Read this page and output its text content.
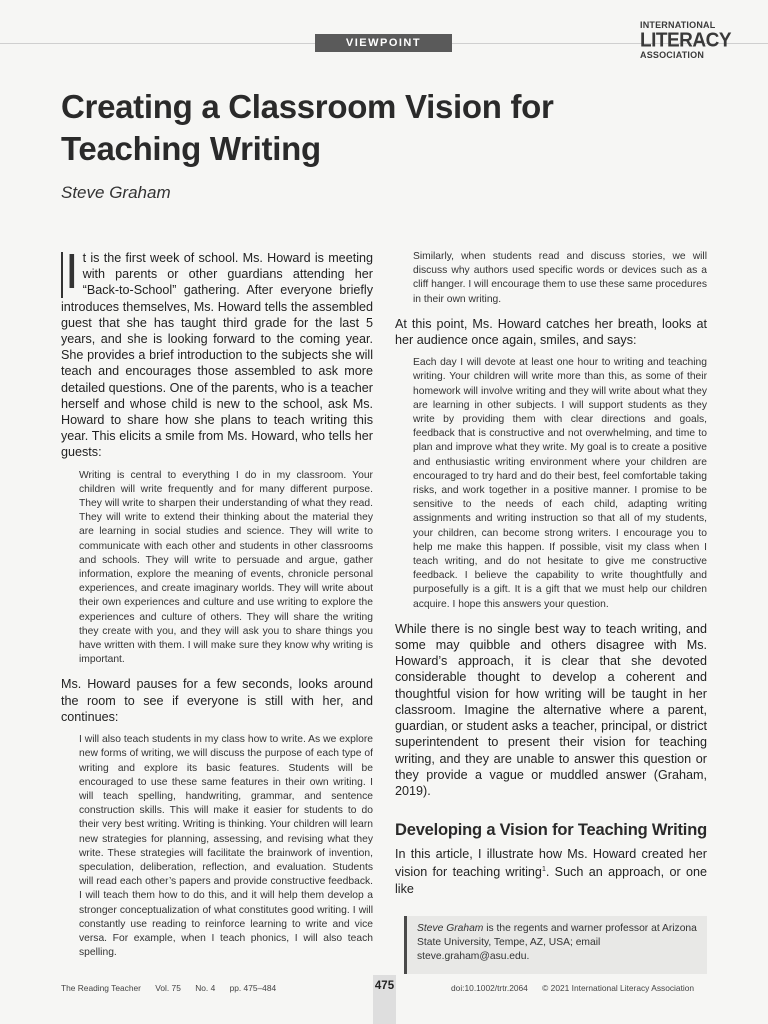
VIEWPOINT
INTERNATIONAL
LITERACY
ASSOCIATION
Creating a Classroom Vision for Teaching Writing
Steve Graham

It is the first week of school. Ms. Howard is meeting with parents or other guardians attending her “Back-to-School” gathering. After everyone briefly introduces themselves, Ms. Howard tells the assembled guest that she has taught third grade for the last 5 years, and she is looking forward to the coming year. She provides a brief introduction to the subjects she will teach and encourages those assembled to ask more detailed questions. One of the parents, who is a teacher herself and whose child is new to the school, ask Ms. Howard to share how she plans to teach writing this year. This elicits a smile from Ms. Howard, who tells her guests:

Writing is central to everything I do in my classroom. Your children will write frequently and for many different purpose. They will write to sharpen their understanding of what they read. They will write to extend their thinking about the material they are learning in social studies and science. They will write to communicate with each other and students in other classrooms and schools. They will write to persuade and argue, gather information, explore the meaning of events, chronicle personal experiences, and create imaginary worlds. They will write about their own experiences and culture and use writing to explore the experiences and culture of others. They will share the writing they create with you, and they will ask you to share things you have written with them. I will make sure they know why writing is important.

Ms. Howard pauses for a few seconds, looks around the room to see if everyone is still with her, and continues:

I will also teach students in my class how to write. As we explore new forms of writing, we will discuss the purpose of each type of writing and explore its basic features. Students will be encouraged to use these same features in their own writing. I will teach spelling, handwriting, grammar, and sentence construction skills. This will make it easier for students to do their very best writing. Writing is thinking. Your children will learn new strategies for planning, assessing, and revising what they write. These strategies will facilitate the brainwork of invention, speculation, deliberation, reflection, and evaluation. Students will read each other’s papers and provide constructive feedback. I will teach them how to do this, and it will help them develop a stronger conceptualization of what constitutes good writing. I will constantly use reading to reinforce learning to write and vice versa. For example, when I teach phonics, I will also teach spelling.

Similarly, when students read and discuss stories, we will discuss why authors used specific words or devices such as a cliff hanger. I will encourage them to use these same procedures in their own writing.

At this point, Ms. Howard catches her breath, looks at her audience once again, smiles, and says:

Each day I will devote at least one hour to writing and teaching writing. Your children will write more than this, as some of their homework will involve writing and they will write about what they are learning in other subjects. I will support students as they write by providing them with clear directions and goals, feedback that is constructive and not overwhelming, and time to plan and improve what they write. My goal is to create a positive and enthusiastic writing environment where your children are encouraged to try hard and do their best, feel comfortable taking risks, and work together in a positive manner. I promise to be sensitive to the needs of each child, adapting writing assignments and writing instruction so that all of my students, your children, can become strong writers. I encourage you to help me make this happen. If possible, visit my class when I teach writing, and do not hesitate to give me constructive feedback. I believe the capability to write thoughtfully and purposefully is a gift. It is a gift that we must help our children acquire. I hope this answers your question.

While there is no single best way to teach writing, and some may quibble and others disagree with Ms. Howard’s approach, it is clear that she devoted considerable thought to develop a coherent and thoughtful vision for how writing will be taught in her classroom. Imagine the alternative where a parent, guardian, or student asks a teacher, principal, or district superintendent to present their vision for teaching writing, and they are unable to answer this question or they provide a vague or muddled answer (Graham, 2019).

Developing a Vision for Teaching Writing

In this article, I illustrate how Ms. Howard created her vision for teaching writing$^1$. Such an approach, or one like

Steve Graham is the regents and warner professor at Arizona State University, Tempe, AZ, USA; email steve.graham@asu.edu.
The Reading Teacher Vol. 75 No. 4 pp. 475–484	475	doi:10.1002/trtr.2064 © 2021 International Literacy Association
